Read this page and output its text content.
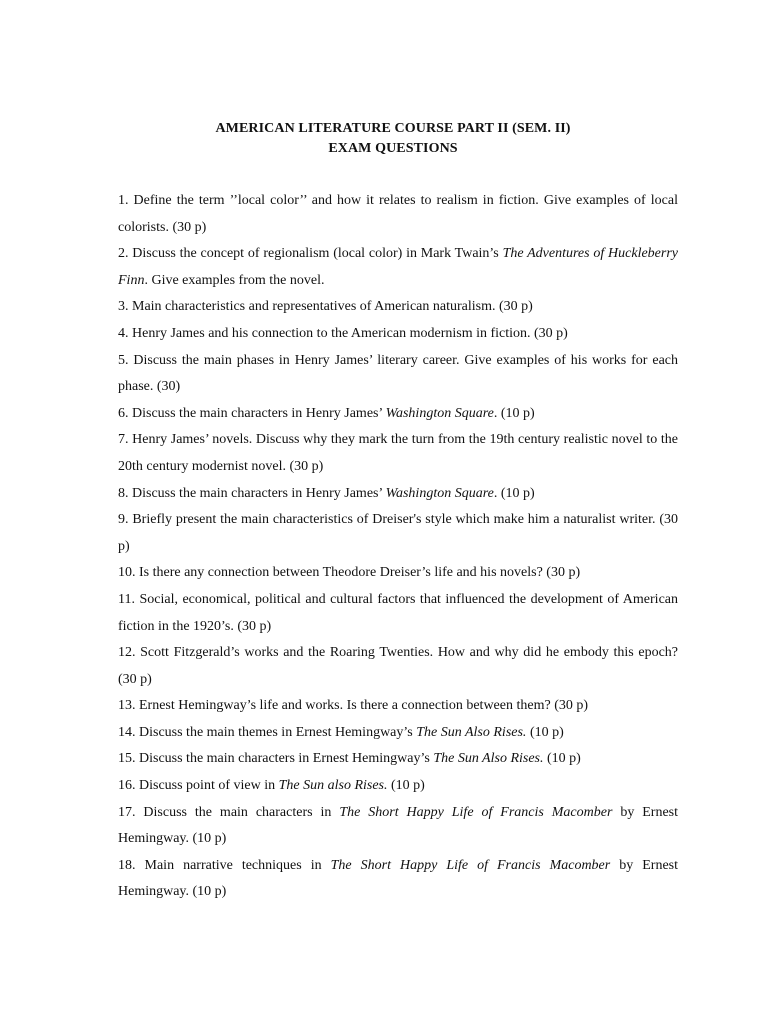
AMERICAN LITERATURE COURSE PART II (SEM. II)
EXAM QUESTIONS

1. Define the term ’’local color’’ and how it relates to realism in fiction. Give examples of local colorists. (30 p)

2. Discuss the concept of regionalism (local color) in Mark Twain’s The Adventures of Huckleberry Finn. Give examples from the novel.

3. Main characteristics and representatives of American naturalism. (30 p)

4. Henry James and his connection to the American modernism in fiction. (30 p)

5. Discuss the main phases in Henry James’ literary career. Give examples of his works for each phase. (30)

6. Discuss the main characters in Henry James’ Washington Square. (10 p)

7. Henry James’ novels. Discuss why they mark the turn from the 19th century realistic novel to the 20th century modernist novel. (30 p)

8. Discuss the main characters in Henry James’ Washington Square. (10 p)

9. Briefly present the main characteristics of Dreiser's style which make him a naturalist writer. (30 p)

10. Is there any connection between Theodore Dreiser’s life and his novels? (30 p)

11. Social, economical, political and cultural factors that influenced the development of American fiction in the 1920’s. (30 p)

12. Scott Fitzgerald’s works and the Roaring Twenties. How and why did he embody this epoch? (30 p)

13. Ernest Hemingway’s life and works. Is there a connection between them? (30 p)

14. Discuss the main themes in Ernest Hemingway’s The Sun Also Rises. (10 p)

15. Discuss the main characters in Ernest Hemingway’s The Sun Also Rises. (10 p)

16. Discuss point of view in The Sun also Rises. (10 p)

17. Discuss the main characters in The Short Happy Life of Francis Macomber by Ernest Hemingway. (10 p)

18. Main narrative techniques in The Short Happy Life of Francis Macomber by Ernest Hemingway. (10 p)
